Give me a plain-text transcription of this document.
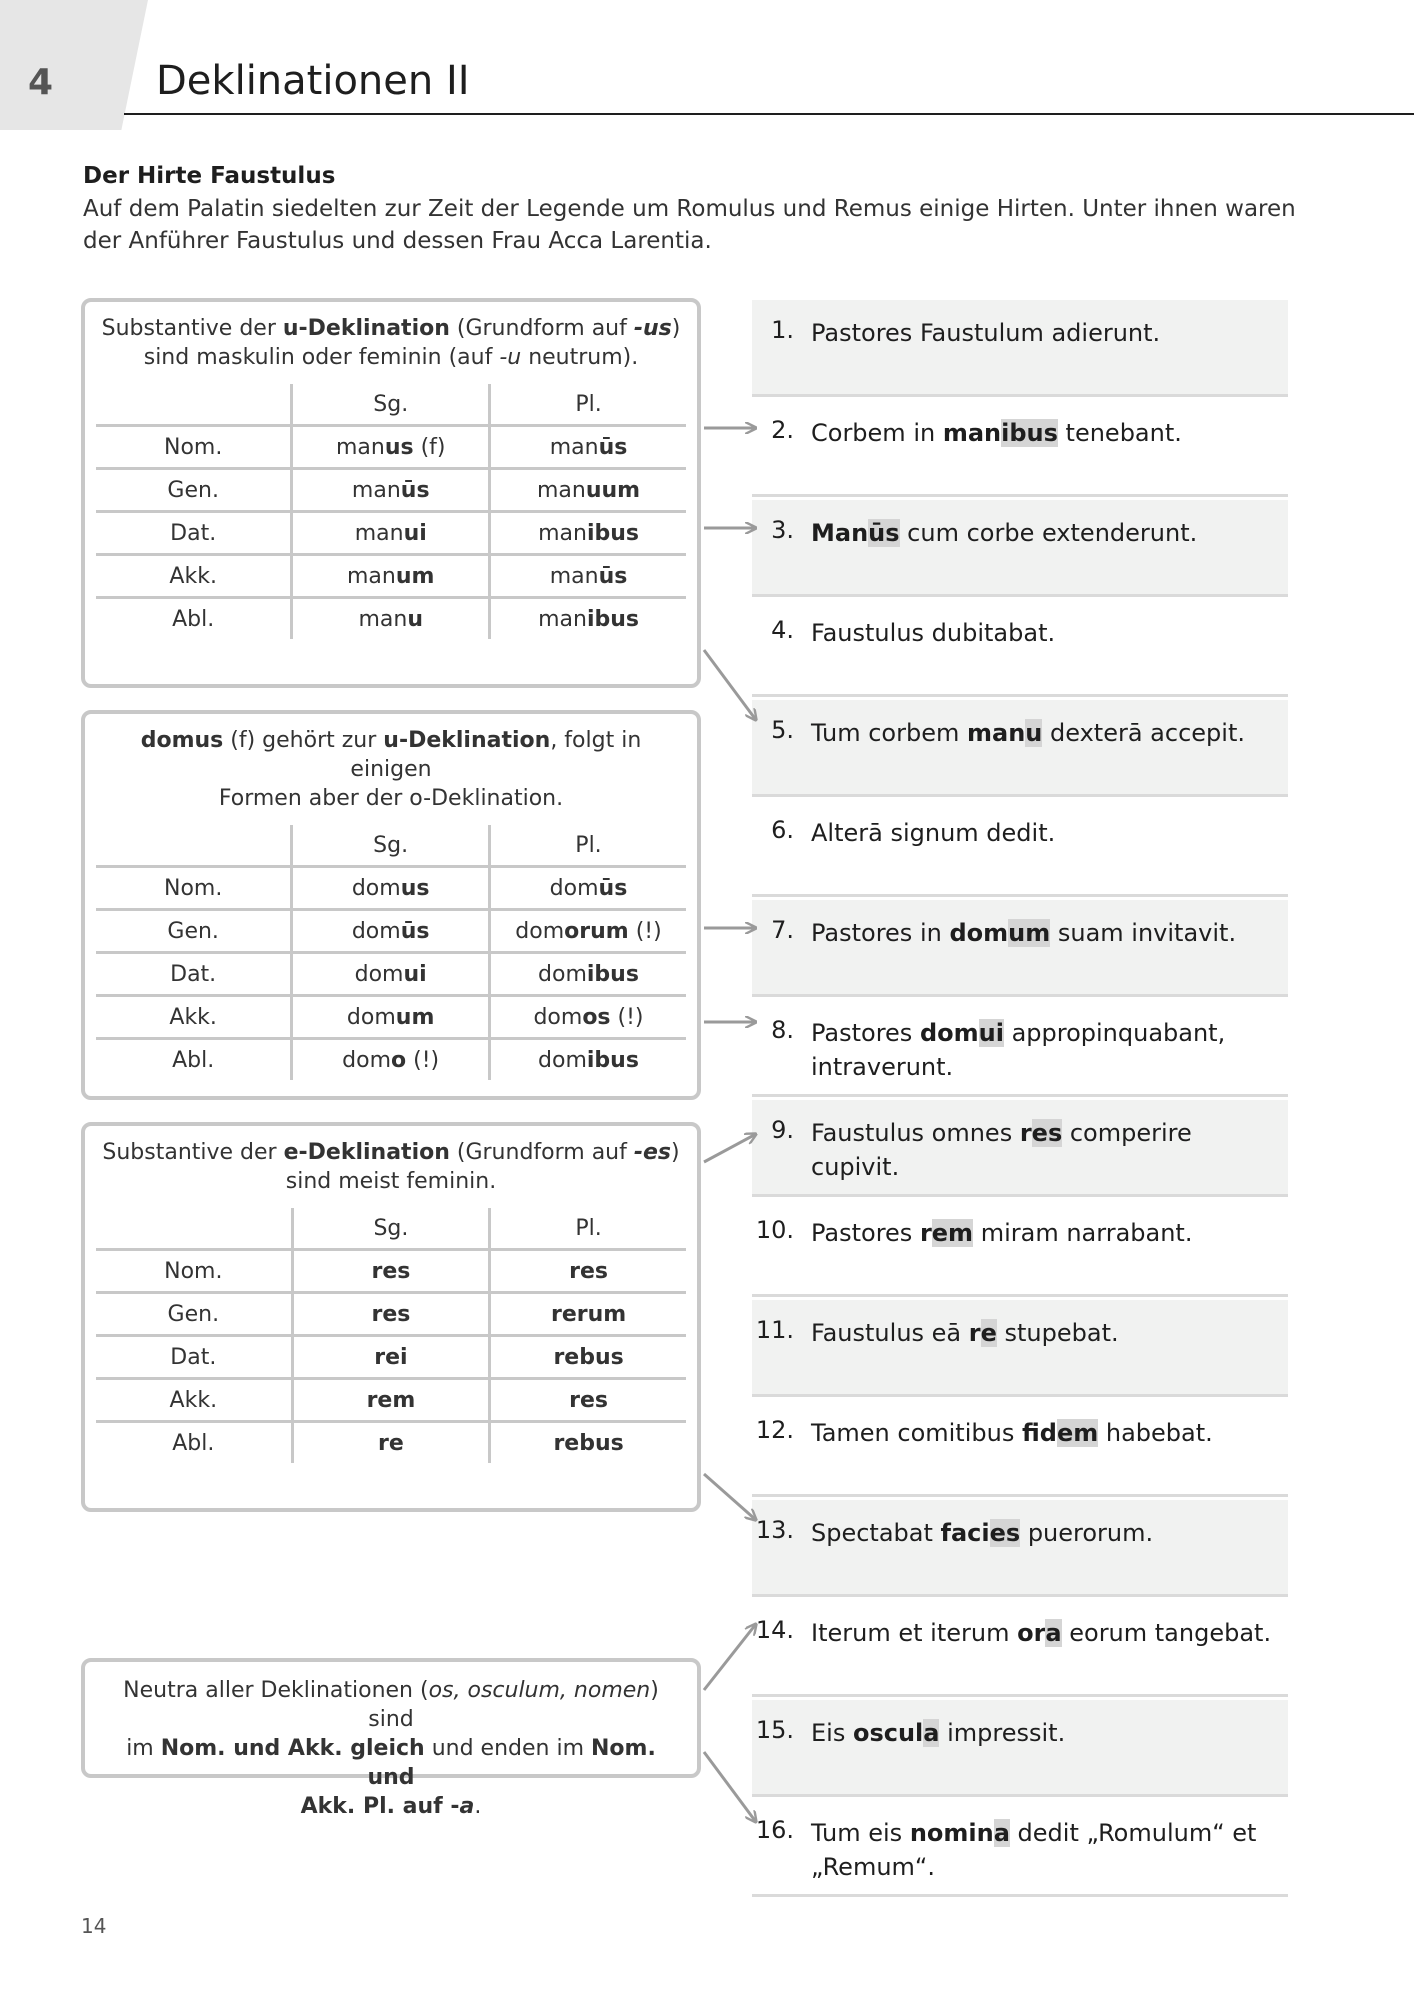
4	Deklinationen II
Der Hirte Faustulus
Auf dem Palatin siedelten zur Zeit der Legende um Romulus und Remus einige Hirten. Unter ihnen waren der Anführer Faustulus und dessen Frau Acca Larentia.
Substantive der u-Deklination (Grundform auf -us)
sind maskulin oder feminin (auf -u neutrum).
	Sg.	Pl.
Nom.	manus (f)	manūs
Gen.	manūs	manuum
Dat.	manui	manibus
Akk.	manum	manūs
Abl.	manu	manibus
domus (f) gehört zur u-Deklination, folgt in einigen
Formen aber der o-Deklination.
	Sg.	Pl.
Nom.	domus	domūs
Gen.	domūs	domorum (!)
Dat.	domui	domibus
Akk.	domum	domos (!)
Abl.	domo (!)	domibus
Substantive der e-Deklination (Grundform auf -es)
sind meist feminin.
	Sg.	Pl.
Nom.	res	res
Gen.	res	rerum
Dat.	rei	rebus
Akk.	rem	res
Abl.	re	rebus
Neutra aller Deklinationen (os, osculum, nomen) sind
im Nom. und Akk. gleich und enden im Nom. und
Akk. Pl. auf -a.
1. Pastores Faustulum adierunt.
2. Corbem in manibus tenebant.
3. Manūs cum corbe extenderunt.
4. Faustulus dubitabat.
5. Tum corbem manu dexterā accepit.
6. Alterā signum dedit.
7. Pastores in domum suam invitavit.
8. Pastores domui appropinquabant,
intraverunt.
9. Faustulus omnes res comperire cupivit.
10. Pastores rem miram narrabant.
11. Faustulus eā re stupebat.
12. Tamen comitibus fidem habebat.
13. Spectabat facies puerorum.
14. Iterum et iterum ora eorum tangebat.
15. Eis oscula impressit.
16. Tum eis nomina dedit „Romulum“ et
„Remum“.
14
